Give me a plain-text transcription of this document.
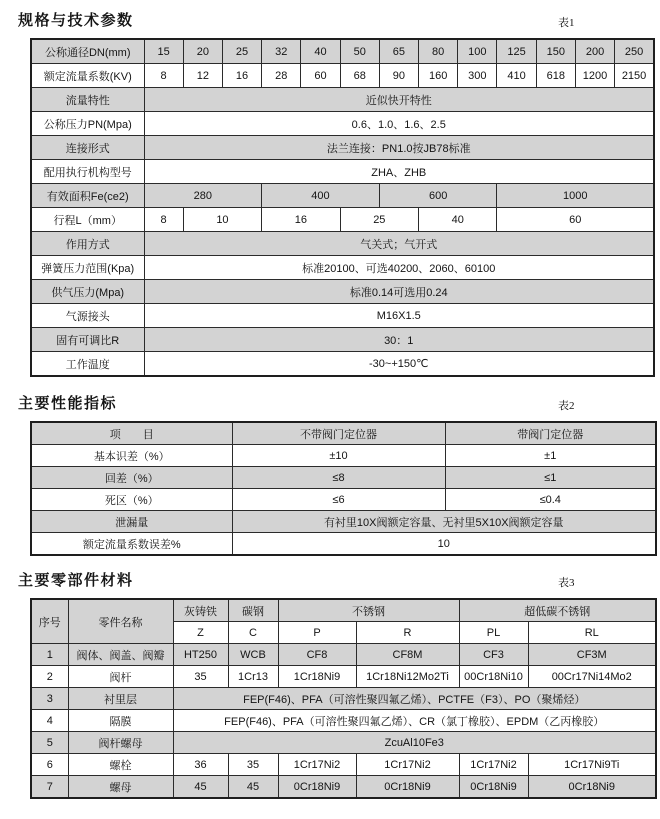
规格与技术参数	表1
公称通径DN(mm)	15	20	25	32	40	50	65	80	100	125	150	200	250
额定流量系数(KV)	8	12	16	28	60	68	90	160	300	410	618	1200	2150
流量特性	近似快开特性												
公称压力PN(Mpa)	0.6、1.0、1.6、2.5												
连接形式	法兰连接：PN1.0按JB78标准												
配用执行机构型号	ZHA、ZHB												
有效面积Fe(ce2)	280			400			600			1000			
行程L（mm）	8	10		16		25		40		60			
作用方式	气关式；气开式												
弹簧压力范围(Kpa)	标准20100、可选40200、2060、60100												
供气压力(Mpa)	标准0.14可选用0.24												
气源接头	M16X1.5												
固有可调比R	30：1												
工作温度	-30~+150℃												
主要性能指标	表2
项　　目	不带阀门定位器	带阀门定位器
基本识差（%）	±10	±1
回差（%）	≤8	≤1
死区（%）	≤6	≤0.4
泄漏量	有衬里10X阀额定容量、无衬里5X10X阀额定容量	
额定流量系数误差%	10	
主要零部件材料	表3
序号	零件名称	灰铸铁	碳钢	不锈钢		超低碳不锈钢	
		Z	C	P	R	PL	RL
1	阀体、阀盖、阀瓣	HT250	WCB	CF8	CF8M	CF3	CF3M
2	阀杆	35	1Cr13	1Cr18Ni9	1Cr18Ni12Mo2Ti	00Cr18Ni10	00Cr17Ni14Mo2
3	衬里层	FEP(F46)、PFA（可溶性聚四氟乙烯）、PCTFE（F3）、PO（聚烯烃）					
4	隔膜	FEP(F46)、PFA（可溶性聚四氟乙烯）、CR（氯丁橡胶）、EPDM（乙丙橡胶）					
5	阀杆螺母	ZcuAl10Fe3					
6	螺栓	36	35	1Cr17Ni2	1Cr17Ni2	1Cr17Ni2	1Cr17Ni9Ti
7	螺母	45	45	0Cr18Ni9	0Cr18Ni9	0Cr18Ni9	0Cr18Ni9
